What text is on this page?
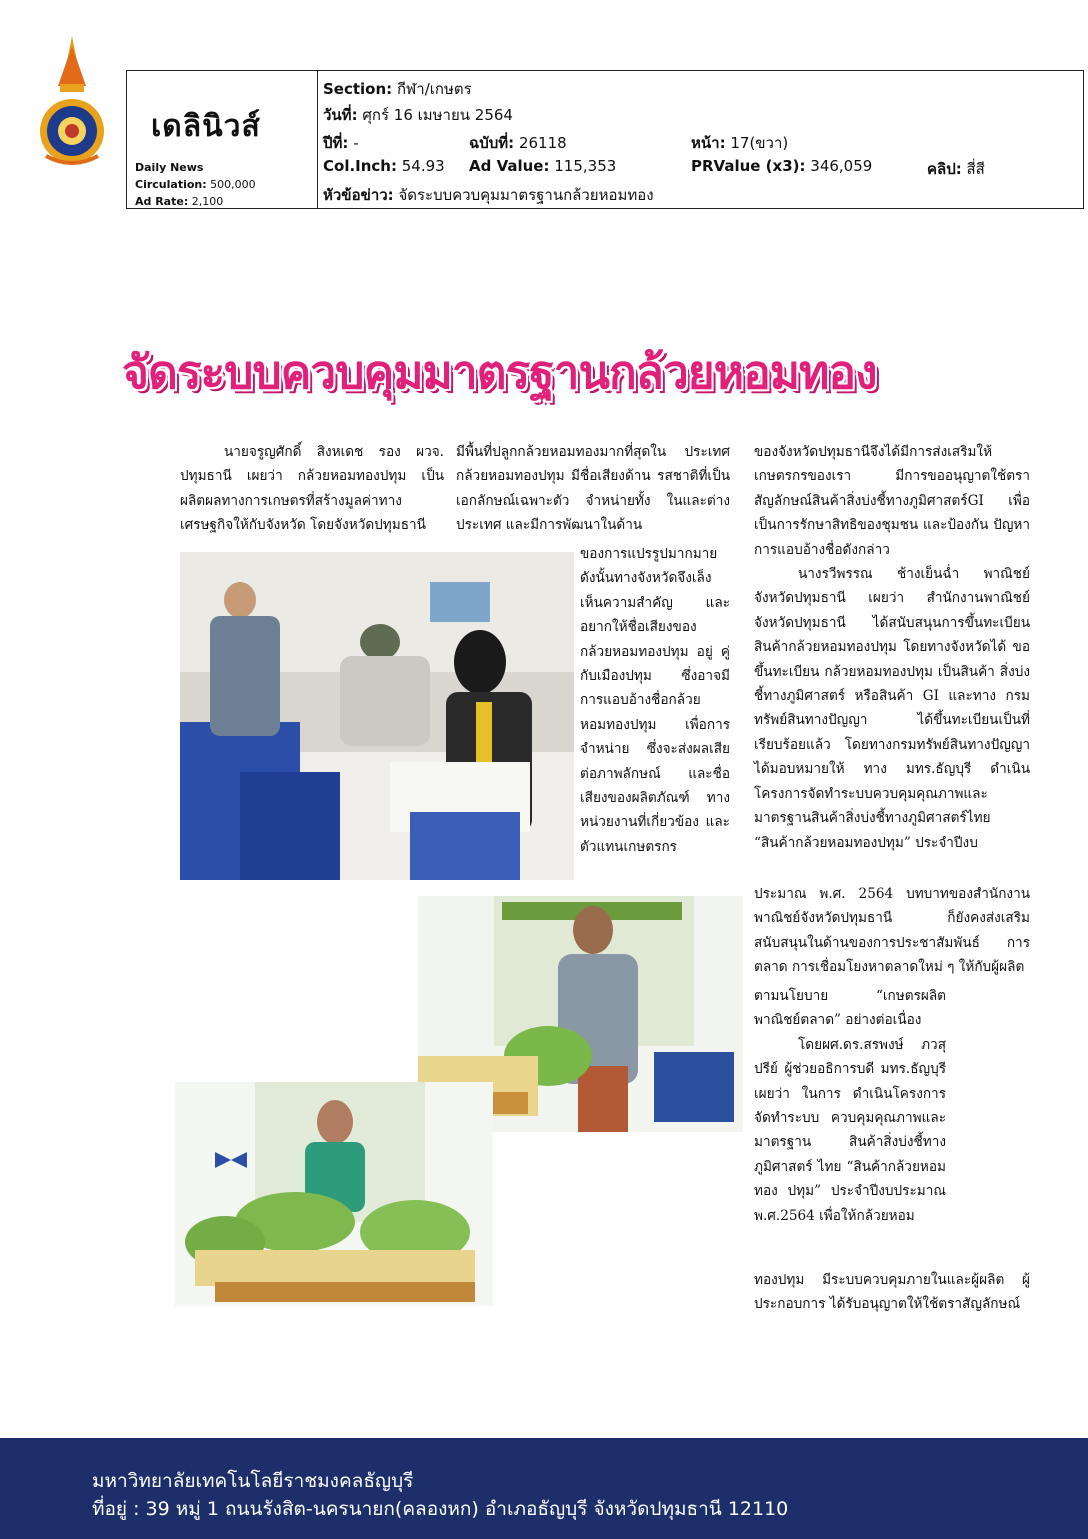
เดลินิวส์
Daily News
Circulation: 500,000
Ad Rate: 2,100
Section: กีฬา/เกษตร
วันที่: ศุกร์ 16 เมษายน 2564
ปีที่: -	ฉบับที่: 26118	หน้า: 17(ขวา)
Col.Inch: 54.93 Ad Value: 115,353	PRValue (x3): 346,059	คลิป: สี่สี
หัวข้อข่าว: จัดระบบควบคุมมาตรฐานกล้วยหอมทอง
จัดระบบควบคุมมาตรฐานกล้วยหอมทอง

นายจรูญศักดิ์ สิงหเดช รอง ผวจ. ปทุมธานี เผยว่า กล้วยหอมทองปทุม เป็น ผลิตผลทางการเกษตรที่สร้างมูลค่าทาง เศรษฐกิจให้กับจังหวัด โดยจังหวัดปทุมธานี

มีพื้นที่ปลูกกล้วยหอมทองมากที่สุดใน ประเทศ กล้วยหอมทองปทุม มีชื่อเสียงด้าน รสชาติที่เป็นเอกลักษณ์เฉพาะตัว จำหน่ายทั้ง ในและต่างประเทศ และมีการพัฒนาในด้าน

ของการแปรรูปมากมาย ดังนั้นทางจังหวัดจึงเล็ง เห็นความสำคัญ และ อยากให้ชื่อเสียงของ กล้วยหอมทองปทุม อยู่ คู่กับเมืองปทุม ซึ่งอาจมี การแอบอ้างชื่อกล้วย หอมทองปทุม เพื่อการ จำหน่าย ซึ่งจะส่งผลเสีย ต่อภาพลักษณ์ และชื่อ เสียงของผลิตภัณฑ์ ทาง หน่วยงานที่เกี่ยวข้อง และตัวแทนเกษตรกร

ของจังหวัดปทุมธานีจึงได้มีการส่งเสริมให้ เกษตรกรของเรา มีการขออนุญาตใช้ตรา สัญลักษณ์สินค้าสิ่งบ่งชี้ทางภูมิศาสตร์GI เพื่อ เป็นการรักษาสิทธิของชุมชน และป้องกัน ปัญหาการแอบอ้างชื่อดังกล่าว

นางรวีพรรณ ช้างเย็นฉ่ำ พาณิชย์ จังหวัดปทุมธานี เผยว่า สำนักงานพาณิชย์ จังหวัดปทุมธานี ได้สนับสนุนการขึ้นทะเบียน สินค้ากล้วยหอมทองปทุม โดยทางจังหวัดได้ ขอขึ้นทะเบียน กล้วยหอมทองปทุม เป็นสินค้า สิ่งบ่งชี้ทางภูมิศาสตร์ หรือสินค้า GI และทาง กรมทรัพย์สินทางปัญญา ได้ขึ้นทะเบียนเป็นที่ เรียบร้อยแล้ว โดยทางกรมทรัพย์สินทางปัญญา ได้มอบหมายให้ ทาง มทร.ธัญบุรี ดำเนิน โครงการจัดทำระบบควบคุมคุณภาพและ มาตรฐานสินค้าสิ่งบ่งชี้ทางภูมิศาสตร์ไทย “สินค้ากล้วยหอมทองปทุม” ประจำปีงบ

ประมาณ พ.ศ. 2564 บทบาทของสำนักงาน พาณิชย์จังหวัดปทุมธานี ก็ยังคงส่งเสริม สนับสนุนในด้านของการประชาสัมพันธ์ การ ตลาด การเชื่อมโยงหาตลาดใหม่ ๆ ให้กับผู้ผลิต

ตามนโยบาย “เกษตรผลิต พาณิชย์ตลาด” อย่างต่อเนื่อง

โดยผศ.ดร.สรพงษ์ ภวสุปรีย์ ผู้ช่วยอธิการบดี มทร.ธัญบุรี เผยว่า ในการ ดำเนินโครงการจัดทำระบบ ควบคุมคุณภาพและมาตรฐาน สินค้าสิ่งบ่งชี้ทางภูมิศาสตร์ ไทย “สินค้ากล้วยหอมทอง ปทุม” ประจำปีงบประมาณ พ.ศ.2564 เพื่อให้กล้วยหอม

ทองปทุม มีระบบควบคุมภายในและผู้ผลิต ผู้ ประกอบการ ได้รับอนุญาตให้ใช้ตราสัญลักษณ์

มหาวิทยาลัยเทคโนโลยีราชมงคลธัญบุรี
ที่อยู่ : 39 หมู่ 1 ถนนรังสิต-นครนายก(คลองหก) อำเภอธัญบุรี จังหวัดปทุมธานี 12110
